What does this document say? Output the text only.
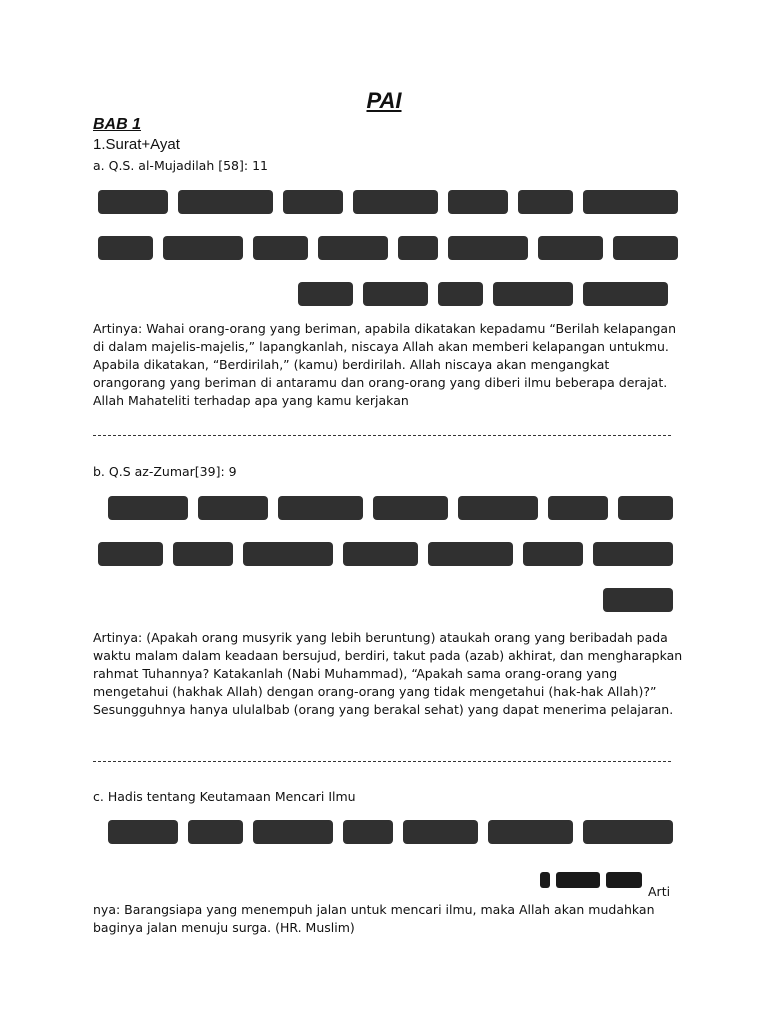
PAI
BAB 1
1.Surat+Ayat
a. Q.S. al-Mujadilah [58]: 11
Artinya: Wahai orang-orang yang beriman, apabila dikatakan kepadamu “Berilah kelapangan di dalam majelis-majelis,” lapangkanlah, niscaya Allah akan memberi kelapangan untukmu. Apabila dikatakan, “Berdirilah,” (kamu) berdirilah. Allah niscaya akan mengangkat orangorang yang beriman di antaramu dan orang-orang yang diberi ilmu beberapa derajat. Allah Mahateliti terhadap apa yang kamu kerjakan
b. Q.S az-Zumar[39]: 9
Artinya: (Apakah orang musyrik yang lebih beruntung) ataukah orang yang beribadah pada waktu malam dalam keadaan bersujud, berdiri, takut pada (azab) akhirat, dan mengharapkan rahmat Tuhannya? Katakanlah (Nabi Muhammad), “Apakah sama orang-orang yang mengetahui (hakhak Allah) dengan orang-orang yang tidak mengetahui (hak-hak Allah)?” Sesungguhnya hanya ululalbab (orang yang berakal sehat) yang dapat menerima pelajaran.
c. Hadis tentang Keutamaan Mencari Ilmu
Arti
nya: Barangsiapa yang menempuh jalan untuk mencari ilmu, maka Allah akan mudahkan baginya jalan menuju surga. (HR. Muslim)
